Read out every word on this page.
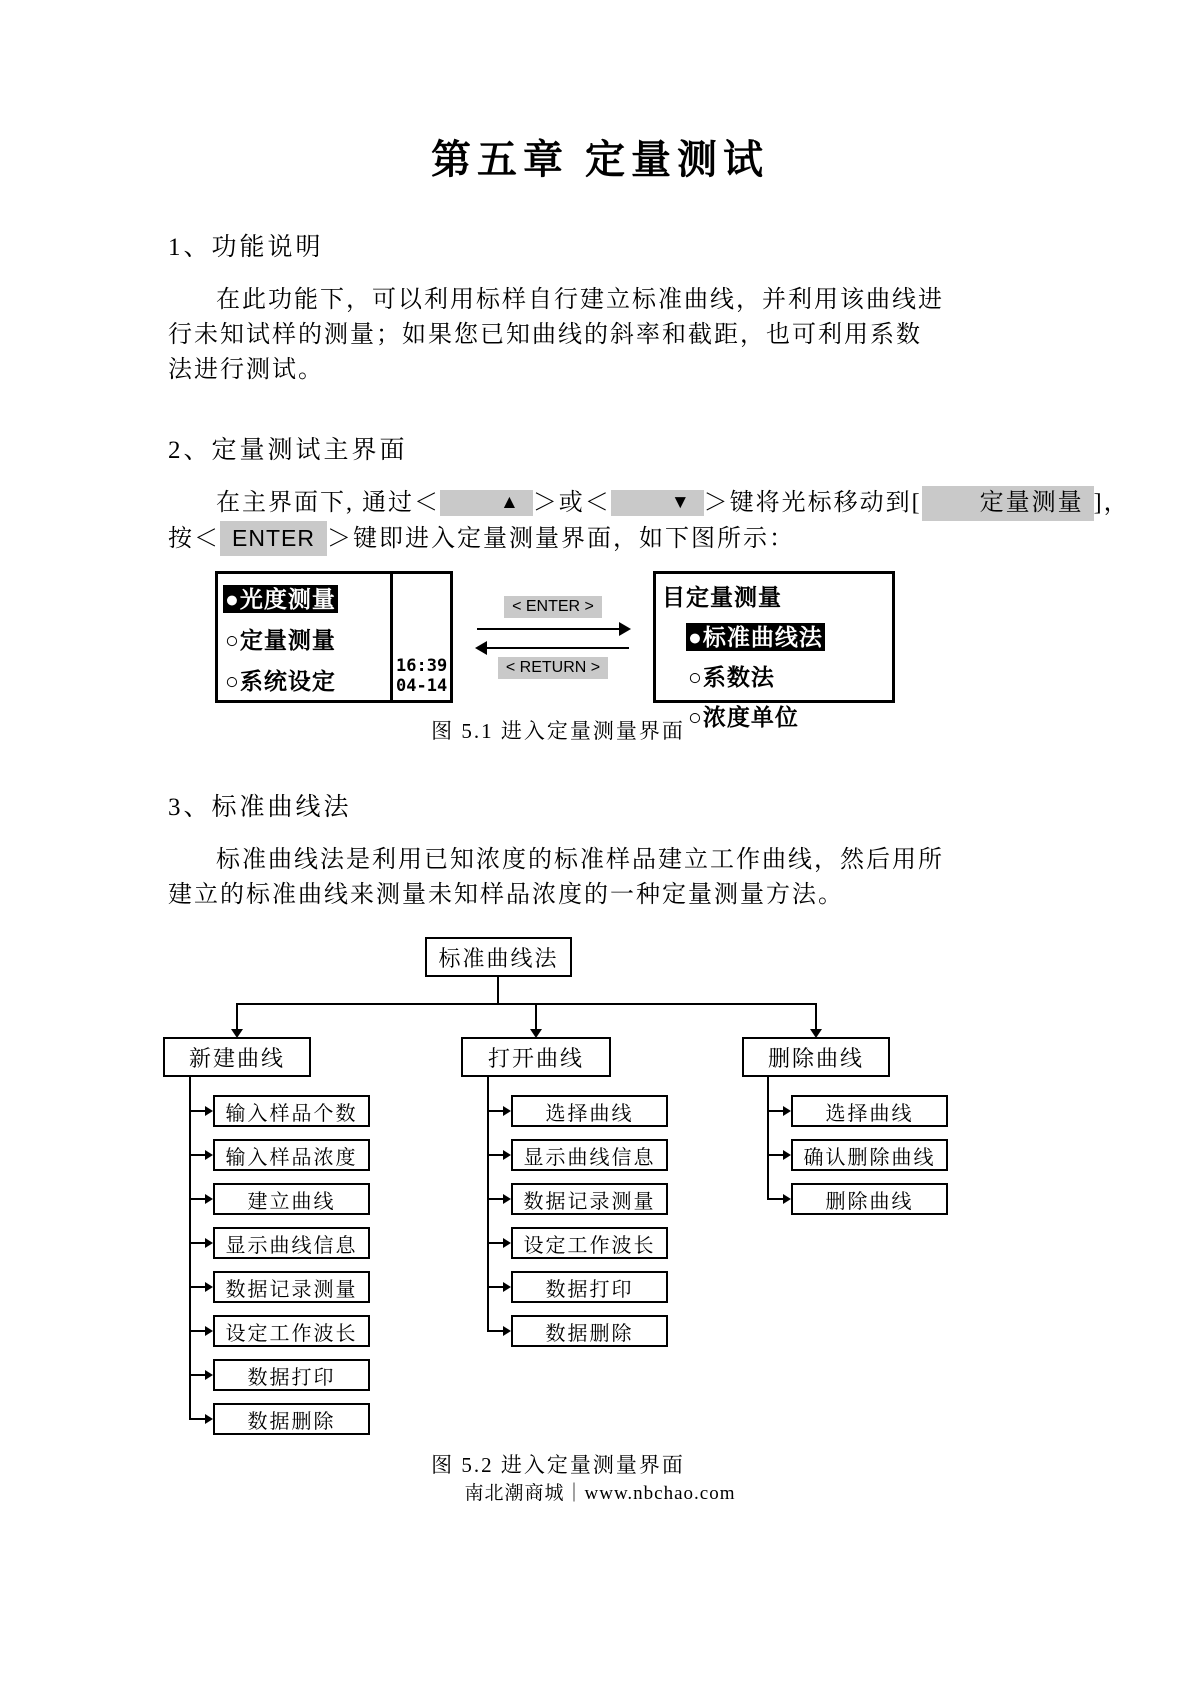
第五章 定量测试
1、功能说明

在此功能下，可以利用标样自行建立标准曲线，并利用该曲线进
行未知试样的测量；如果您已知曲线的斜率和截距，也可利用系数
法进行测试。

2、定量测试主界面

在主界面下, 通过＜	▲ ＞或＜	▼ ＞键将光标移动到[ 定量测量 ]，
按＜ ENTER ＞键即进入定量测量界面，如下图所示：

●光度测量
○定量测量
○系统设定
16:39
04-14
< ENTER >
< RETURN >
目定量测量
●标准曲线法
○系数法
○浓度单位
图 5.1 进入定量测量界面
3、标准曲线法

标准曲线法是利用已知浓度的标准样品建立工作曲线，然后用所
建立的标准曲线来测量未知样品浓度的一种定量测量方法。

标准曲线法
新建曲线	打开曲线	删除曲线
输入样品个数
输入样品浓度
建立曲线
显示曲线信息
数据记录测量
设定工作波长
数据打印
数据删除
选择曲线
显示曲线信息
数据记录测量
设定工作波长
数据打印
数据删除
选择曲线
确认删除曲线
删除曲线
图 5.2 进入定量测量界面
南北潮商城｜www.nbchao.com
